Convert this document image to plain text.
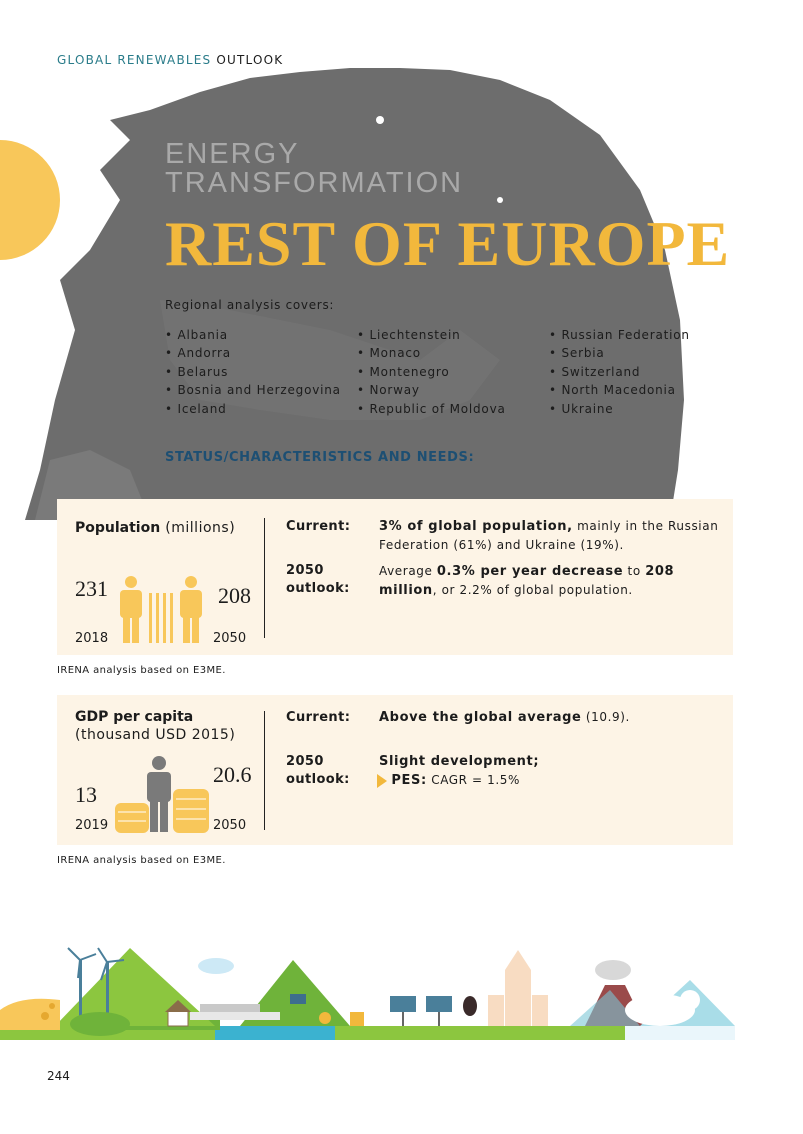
GLOBAL RENEWABLES OUTLOOK
ENERGY
TRANSFORMATION
REST OF EUROPE
Regional analysis covers:
• Albania
• Andorra
• Belarus
• Bosnia and Herzegovina
• Iceland
• Liechtenstein
• Monaco
• Montenegro
• Norway
• Republic of Moldova
• Russian Federation
• Serbia
• Switzerland
• North Macedonia
• Ukraine
STATUS/CHARACTERISTICS AND NEEDS:
Population (millions)
231
2018
208
2050
Current: 3% of global population, mainly in the Russian Federation (61%) and Ukraine (19%).
2050
outlook:
Average 0.3% per year decrease to 208 million, or 2.2% of global population.
IRENA analysis based on E3ME.
GDP per capita
(thousand USD 2015)
13
2019
20.6
2050
Current: Above the global average (10.9).
2050
outlook:
Slight development;
PES: CAGR = 1.5%
IRENA analysis based on E3ME.
244
